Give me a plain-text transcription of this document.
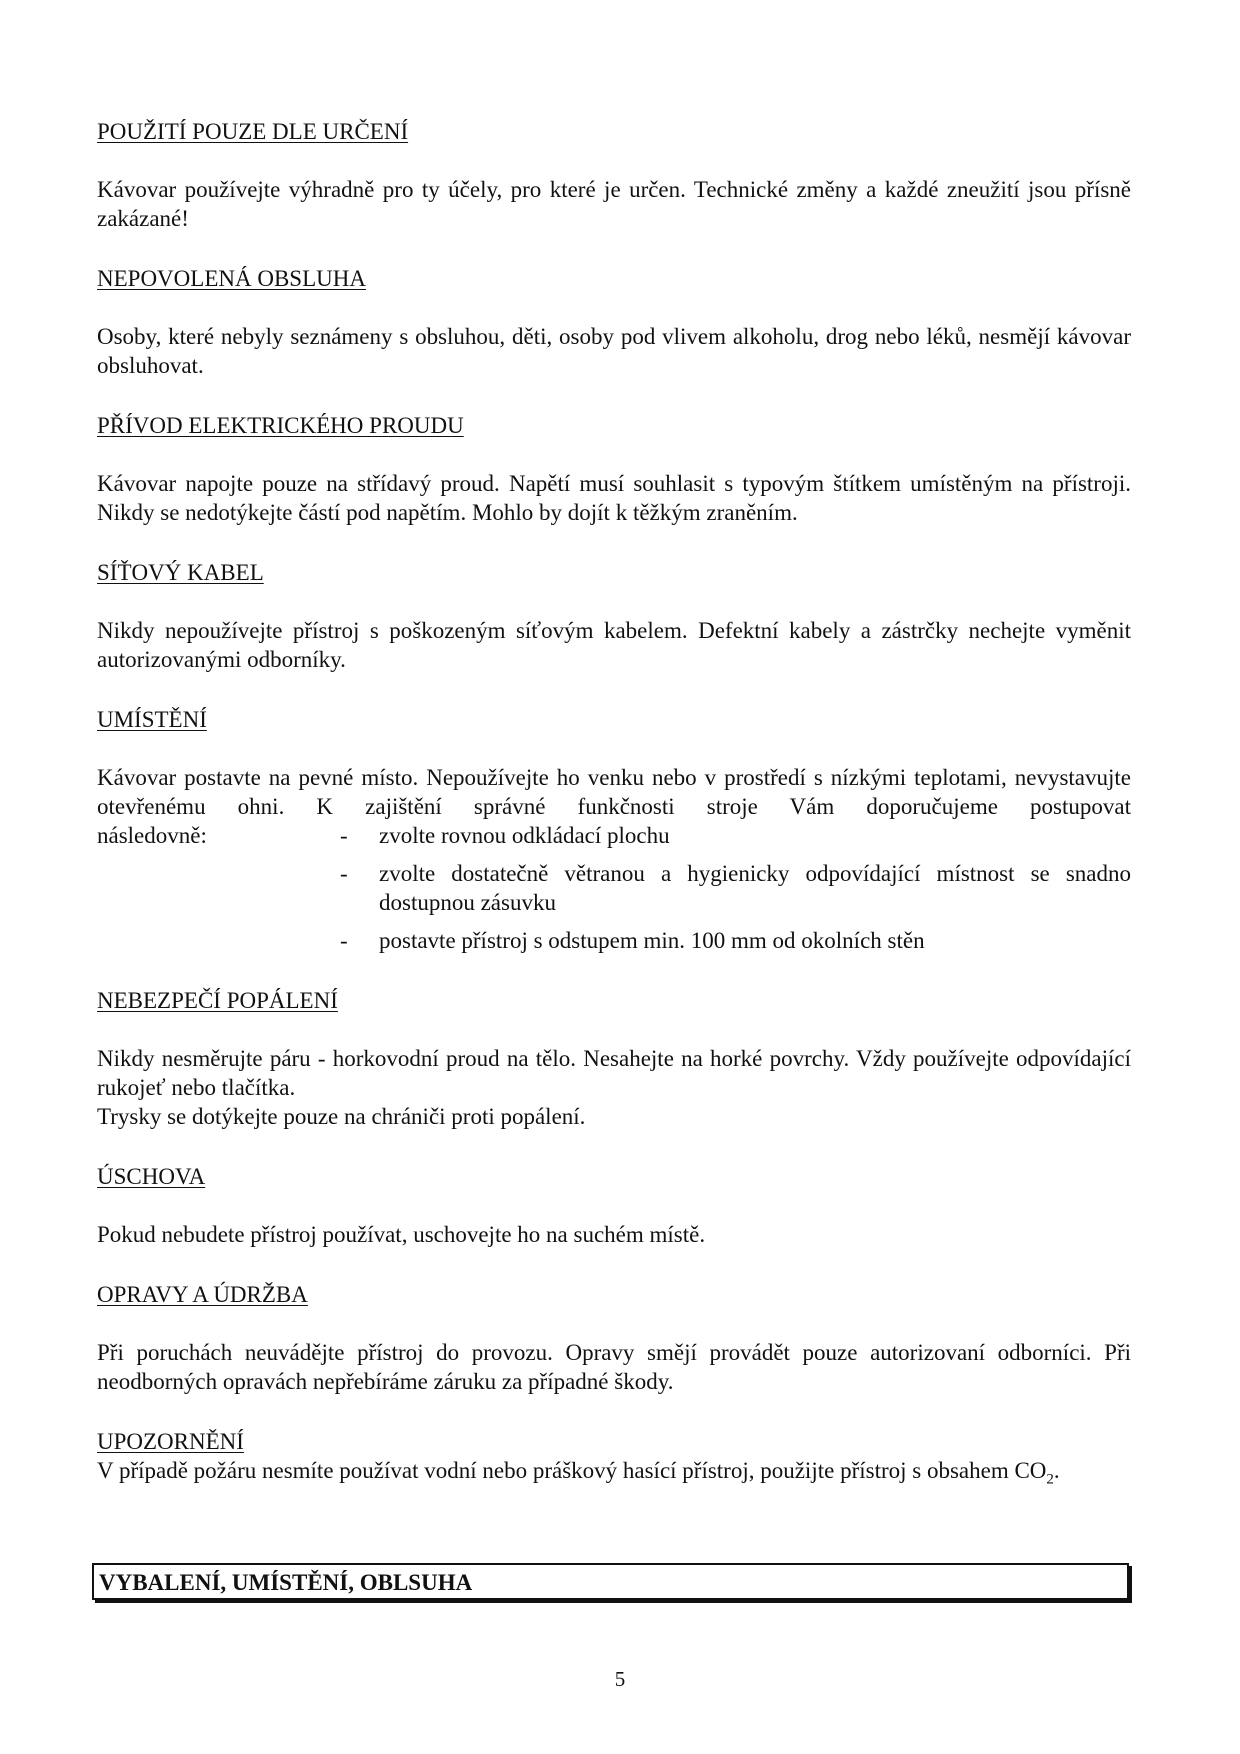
POUŽITÍ POUZE DLE URČENÍ

Kávovar používejte výhradně pro ty účely, pro které je určen. Technické změny a každé zneužití jsou přísně zakázané!

NEPOVOLENÁ OBSLUHA

Osoby, které nebyly seznámeny s obsluhou, děti, osoby pod vlivem alkoholu, drog nebo léků, nesmějí kávovar obsluhovat.

PŘÍVOD ELEKTRICKÉHO PROUDU

Kávovar napojte pouze na střídavý proud. Napětí musí souhlasit s typovým štítkem umístěným na přístroji. Nikdy se nedotýkejte částí pod napětím. Mohlo by dojít k těžkým zraněním.

SÍŤOVÝ KABEL

Nikdy nepoužívejte přístroj s poškozeným síťovým kabelem. Defektní kabely a zástrčky nechejte vyměnit autorizovanými odborníky.

UMÍSTĚNÍ

Kávovar postavte na pevné místo. Nepoužívejte ho venku nebo v prostředí s nízkými teplotami, nevystavujte otevřenému ohni. K zajištění správné funkčnosti stroje Vám doporučujeme postupovat

následovně:	- zvolte rovnou odkládací plochu
- zvolte dostatečně větranou a hygienicky odpovídající místnost se snadno dostupnou zásuvku
- postavte přístroj s odstupem min. 100 mm od okolních stěn

NEBEZPEČÍ POPÁLENÍ

Nikdy nesměrujte páru - horkovodní proud na tělo. Nesahejte na horké povrchy. Vždy používejte odpovídající rukojeť nebo tlačítka.

Trysky se dotýkejte pouze na chrániči proti popálení.

ÚSCHOVA

Pokud nebudete přístroj používat, uschovejte ho na suchém místě.

OPRAVY A ÚDRŽBA

Při poruchách neuvádějte přístroj do provozu. Opravy smějí provádět pouze autorizovaní odborníci. Při neodborných opravách nepřebíráme záruku za případné škody.

UPOZORNĚNÍ

V případě požáru nesmíte používat vodní nebo práškový hasící přístroj, použijte přístroj s obsahem $CO_2$.

VYBALENÍ, UMÍSTĚNÍ, OBLSUHA
5
